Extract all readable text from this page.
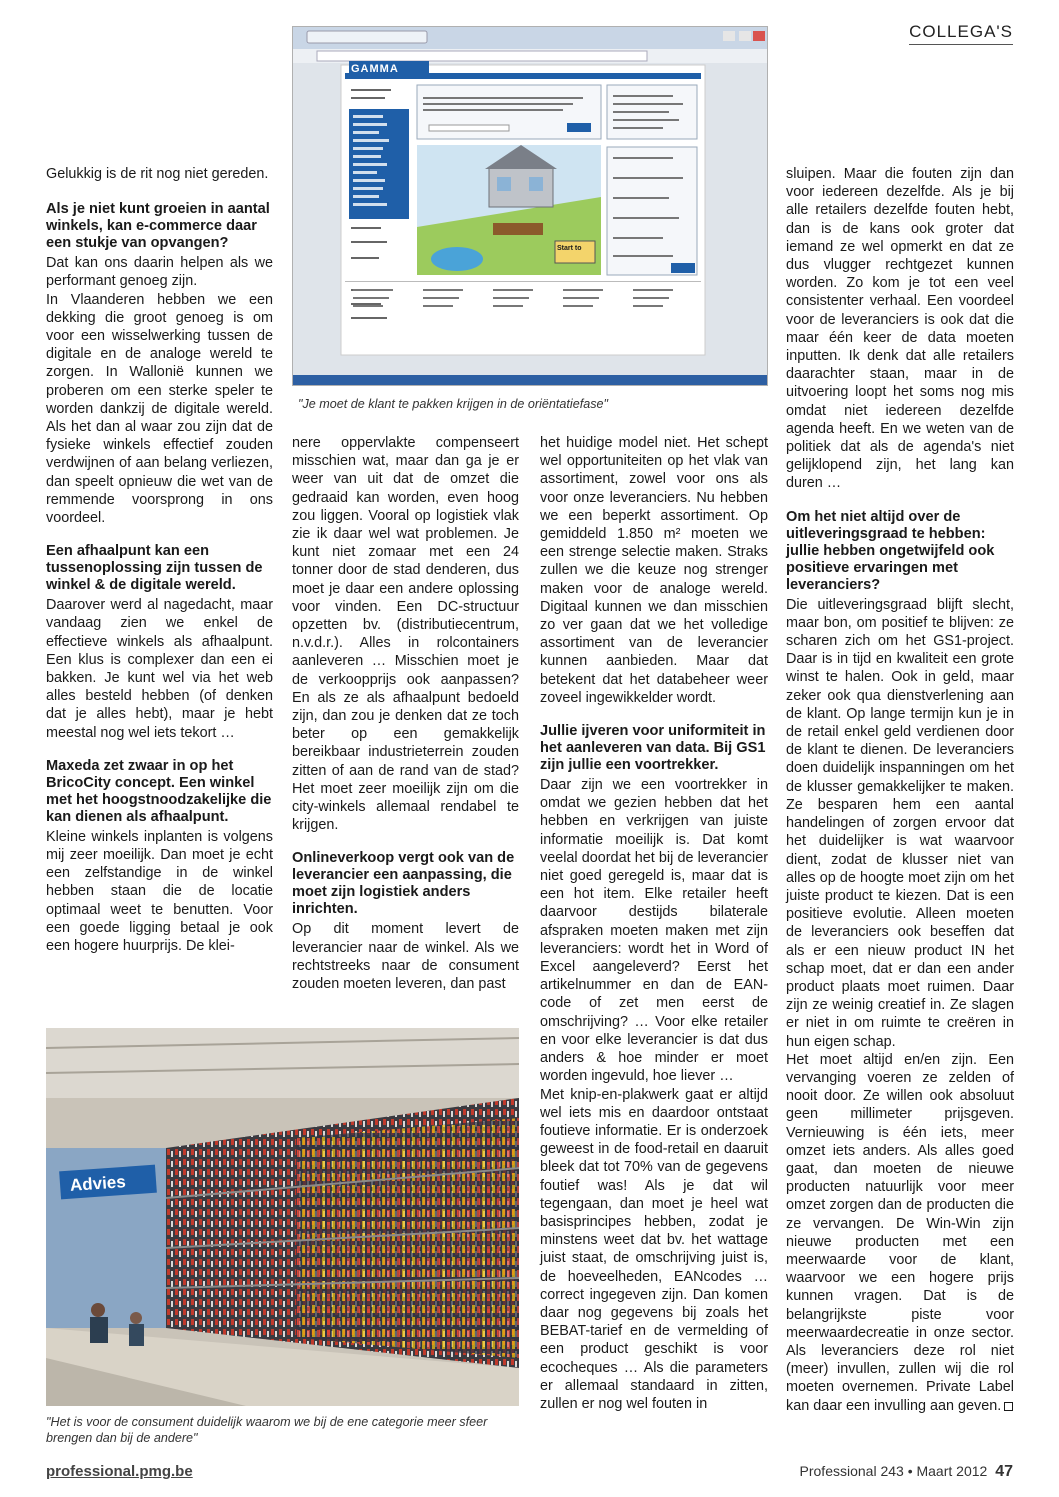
COLLEGA'S
GAMMA
Start to
"Je moet de klant te pakken krijgen in de oriëntatiefase"

Gelukkig is de rit nog niet gereden.

Als je niet kunt groeien in aantal winkels, kan e-commerce daar een stukje van opvangen?

Dat kan ons daarin helpen als we performant genoeg zijn.

In Vlaanderen hebben we een dekking die groot genoeg is om voor een wisselwerking tussen de digitale en de analoge wereld te zorgen. In Wallonië kunnen we proberen om een sterke speler te worden dankzij de digitale wereld. Als het dan al waar zou zijn dat de fysieke winkels effectief zouden verdwijnen of aan belang verliezen, dan speelt opnieuw die wet van de remmende voorsprong in ons voordeel.

Een afhaalpunt kan een tussenoplossing zijn tussen de winkel & de digitale wereld.

Daarover werd al nagedacht, maar vandaag zien we enkel de effectieve winkels als afhaalpunt. Een klus is complexer dan een ei bakken. Je kunt wel via het web alles besteld hebben (of denken dat je alles hebt), maar je hebt meestal nog wel iets tekort …

Maxeda zet zwaar in op het BricoCity concept. Een winkel met het hoogstnoodzakelijke die kan dienen als afhaalpunt.

Kleine winkels inplanten is volgens mij zeer moeilijk. Dan moet je echt een zelfstandige in de winkel hebben staan die de locatie optimaal weet te benutten. Voor een goede ligging betaal je ook een hogere huurprijs. De klei-

nere oppervlakte compenseert misschien wat, maar dan ga je er weer van uit dat de omzet die gedraaid kan worden, even hoog zou liggen. Vooral op logistiek vlak zie ik daar wel wat problemen. Je kunt niet zomaar met een 24 tonner door de stad denderen, dus moet je daar een andere oplossing voor vinden. Een DC-structuur opzetten bv. (distributiecentrum, n.v.d.r.). Alles in rolcontainers aanleveren … Misschien moet je de verkoopprijs ook aanpassen? En als ze als afhaalpunt bedoeld zijn, dan zou je denken dat ze toch beter op een gemakkelijk bereikbaar industrieterrein zouden zitten of aan de rand van de stad? Het moet zeer moeilijk zijn om die city-winkels allemaal rendabel te krijgen.

Onlineverkoop vergt ook van de leverancier een aanpassing, die moet zijn logistiek anders inrichten.

Op dit moment levert de leverancier naar de winkel. Als we rechtstreeks naar de consument zouden moeten leveren, dan past

het huidige model niet. Het schept wel opportuniteiten op het vlak van assortiment, zowel voor ons als voor onze leveranciers. Nu hebben we een beperkt assortiment. Op gemiddeld 1.850 m² moeten we een strenge selectie maken. Straks zullen we die keuze nog strenger maken voor de analoge wereld. Digitaal kunnen we dan misschien zo ver gaan dat we het volledige assortiment van de leverancier kunnen aanbieden. Maar dat betekent dat het databeheer weer zoveel ingewikkelder wordt.

Jullie ijveren voor uniformiteit in het aanleveren van data. Bij GS1 zijn jullie een voortrekker.

Daar zijn we een voortrekker in omdat we gezien hebben dat het hebben en verkrijgen van juiste informatie moeilijk is. Dat komt veelal doordat het bij de leverancier niet goed geregeld is, maar dat is een hot item. Elke retailer heeft daarvoor destijds bilaterale afspraken moeten maken met zijn leveranciers: wordt het in Word of Excel aangeleverd? Eerst het artikelnummer en dan de EAN-code of zet men eerst de omschrijving? … Voor elke retailer en voor elke leverancier is dat dus anders & hoe minder er moet worden ingevuld, hoe liever …

Met knip-en-plakwerk gaat er altijd wel iets mis en daardoor ontstaat foutieve informatie. Er is onderzoek geweest in de food-retail en daaruit bleek dat tot 70% van de gegevens foutief was! Als je dat wil tegengaan, dan moet je heel wat basisprincipes hebben, zodat je minstens weet dat bv. het wattage juist staat, de omschrijving juist is, de hoeveelheden, EANcodes … correct ingegeven zijn. Dan komen daar nog gegevens bij zoals het BEBAT-tarief en de vermelding of een product geschikt is voor ecocheques … Als die parameters er allemaal standaard in zitten, zullen er nog wel fouten in

sluipen. Maar die fouten zijn dan voor iedereen dezelfde. Als je bij alle retailers dezelfde fouten hebt, dan is de kans ook groter dat iemand ze wel opmerkt en dat ze dus vlugger rechtgezet kunnen worden. Zo kom je tot een veel consistenter verhaal. Een voordeel voor de leveranciers is ook dat die maar één keer de data moeten inputten. Ik denk dat alle retailers daarachter staan, maar in de uitvoering loopt het soms nog mis omdat niet iedereen dezelfde agenda heeft. En we weten van de politiek dat als de agenda's niet gelijklopend zijn, het lang kan duren …

Om het niet altijd over de uitleveringsgraad te hebben: jullie hebben ongetwijfeld ook positieve ervaringen met leveranciers?

Die uitleveringsgraad blijft slecht, maar bon, om positief te blijven: ze scharen zich om het GS1-project. Daar is in tijd en kwaliteit een grote winst te halen. Ook in geld, maar zeker ook qua dienstverlening aan de klant. Op lange termijn kun je in de retail enkel geld verdienen door de klant te dienen. De leveranciers doen duidelijk inspanningen om het de klusser gemakkelijker te maken. Ze besparen hem een aantal handelingen of zorgen ervoor dat het duidelijker is wat waarvoor dient, zodat de klusser niet van alles op de hoogte moet zijn om het juiste product te kiezen. Dat is een positieve evolutie. Alleen moeten de leveranciers ook beseffen dat als er een nieuw product IN het schap moet, dat er dan een ander product plaats moet ruimen. Daar zijn ze weinig creatief in. Ze slagen er niet in om ruimte te creëren in hun eigen schap.

Het moet altijd en/en zijn. Een vervanging voeren ze zelden of nooit door. Ze willen ook absoluut geen millimeter prijsgeven. Vernieuwing is één iets, meer omzet iets anders. Als alles goed gaat, dan moeten de nieuwe producten natuurlijk voor meer omzet zorgen dan de producten die ze vervangen. De Win-Win zijn nieuwe producten met een meerwaarde voor de klant, waarvoor we een hogere prijs kunnen vragen. Dat is de belangrijkste piste voor meerwaardecreatie in onze sector. Als leveranciers deze rol niet (meer) invullen, zullen wij die rol moeten overnemen. Private Label kan daar een invulling aan geven.

Advies
"Het is voor de consument duidelijk waarom we bij de ene categorie meer sfeer brengen dan bij de andere"
professional.pmg.be	Professional 243 • Maart 2012 47
